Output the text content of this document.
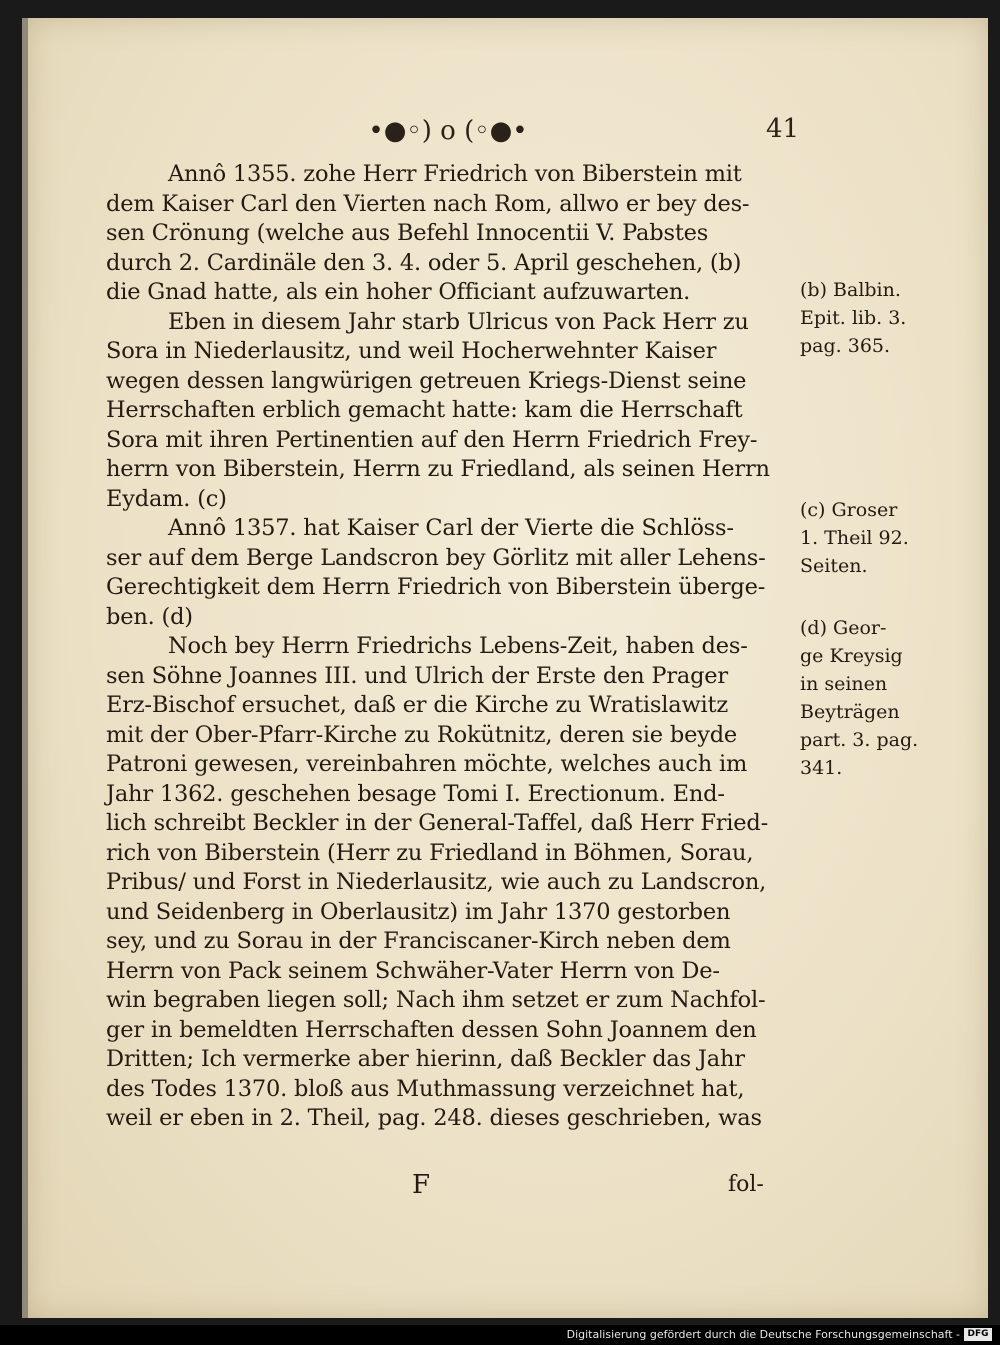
•●◦) ο (◦●•	41
Annô 1355. zohe Herr Friedrich von Biberstein mit
dem Kaiser Carl den Vierten nach Rom, allwo er bey des-
sen Crönung (welche aus Befehl Innocentii V. Pabstes
durch 2. Cardinäle den 3. 4. oder 5. April geschehen, (b)
die Gnad hatte, als ein hoher Officiant aufzuwarten.
Eben in diesem Jahr starb Ulricus von Pack Herr zu
Sora in Niederlausitz, und weil Hocherwehnter Kaiser
wegen dessen langwürigen getreuen Kriegs-Dienst seine
Herrschaften erblich gemacht hatte: kam die Herrschaft
Sora mit ihren Pertinentien auf den Herrn Friedrich Frey-
herrn von Biberstein, Herrn zu Friedland, als seinen Herrn
Eydam. (c)
Annô 1357. hat Kaiser Carl der Vierte die Schlöss-
ser auf dem Berge Landscron bey Görlitz mit aller Lehens-
Gerechtigkeit dem Herrn Friedrich von Biberstein überge-
ben. (d)
Noch bey Herrn Friedrichs Lebens-Zeit, haben des-
sen Söhne Joannes III. und Ulrich der Erste den Prager
Erz-Bischof ersuchet, daß er die Kirche zu Wratislawitz
mit der Ober-Pfarr-Kirche zu Rokütnitz, deren sie beyde
Patroni gewesen, vereinbahren möchte, welches auch im
Jahr 1362. geschehen besage Tomi I. Erectionum. End-
lich schreibt Beckler in der General-Taffel, daß Herr Fried-
rich von Biberstein (Herr zu Friedland in Böhmen, Sorau,
Pribus/ und Forst in Niederlausitz, wie auch zu Landscron,
und Seidenberg in Oberlausitz) im Jahr 1370 gestorben
sey, und zu Sorau in der Franciscaner-Kirch neben dem
Herrn von Pack seinem Schwäher-Vater Herrn von De-
win begraben liegen soll; Nach ihm setzet er zum Nachfol-
ger in bemeldten Herrschaften dessen Sohn Joannem den
Dritten; Ich vermerke aber hierinn, daß Beckler das Jahr
des Todes 1370. bloß aus Muthmassung verzeichnet hat,
weil er eben in 2. Theil, pag. 248. dieses geschrieben, was
(b) Balbin.
Epit. lib. 3.
pag. 365.
(c) Groser
1. Theil 92.
Seiten.
(d) Geor-
ge Kreysig
in seinen
Beyträgen
part. 3. pag.
341.
F	fol-
Digitalisierung gefördert durch die Deutsche Forschungsgemeinschaft - DFG
